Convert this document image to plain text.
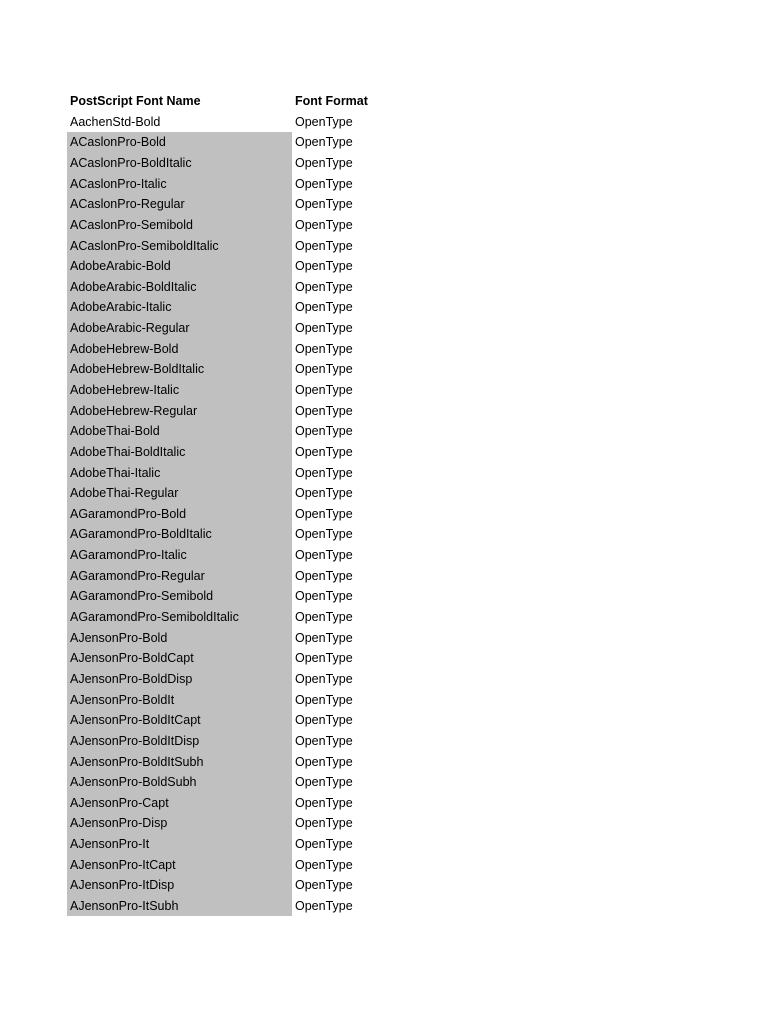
PostScript Font Name	Font Format
AachenStd-Bold	OpenType
ACaslonPro-Bold	OpenType
ACaslonPro-BoldItalic	OpenType
ACaslonPro-Italic	OpenType
ACaslonPro-Regular	OpenType
ACaslonPro-Semibold	OpenType
ACaslonPro-SemiboldItalic	OpenType
AdobeArabic-Bold	OpenType
AdobeArabic-BoldItalic	OpenType
AdobeArabic-Italic	OpenType
AdobeArabic-Regular	OpenType
AdobeHebrew-Bold	OpenType
AdobeHebrew-BoldItalic	OpenType
AdobeHebrew-Italic	OpenType
AdobeHebrew-Regular	OpenType
AdobeThai-Bold	OpenType
AdobeThai-BoldItalic	OpenType
AdobeThai-Italic	OpenType
AdobeThai-Regular	OpenType
AGaramondPro-Bold	OpenType
AGaramondPro-BoldItalic	OpenType
AGaramondPro-Italic	OpenType
AGaramondPro-Regular	OpenType
AGaramondPro-Semibold	OpenType
AGaramondPro-SemiboldItalic	OpenType
AJensonPro-Bold	OpenType
AJensonPro-BoldCapt	OpenType
AJensonPro-BoldDisp	OpenType
AJensonPro-BoldIt	OpenType
AJensonPro-BoldItCapt	OpenType
AJensonPro-BoldItDisp	OpenType
AJensonPro-BoldItSubh	OpenType
AJensonPro-BoldSubh	OpenType
AJensonPro-Capt	OpenType
AJensonPro-Disp	OpenType
AJensonPro-It	OpenType
AJensonPro-ItCapt	OpenType
AJensonPro-ItDisp	OpenType
AJensonPro-ItSubh	OpenType
